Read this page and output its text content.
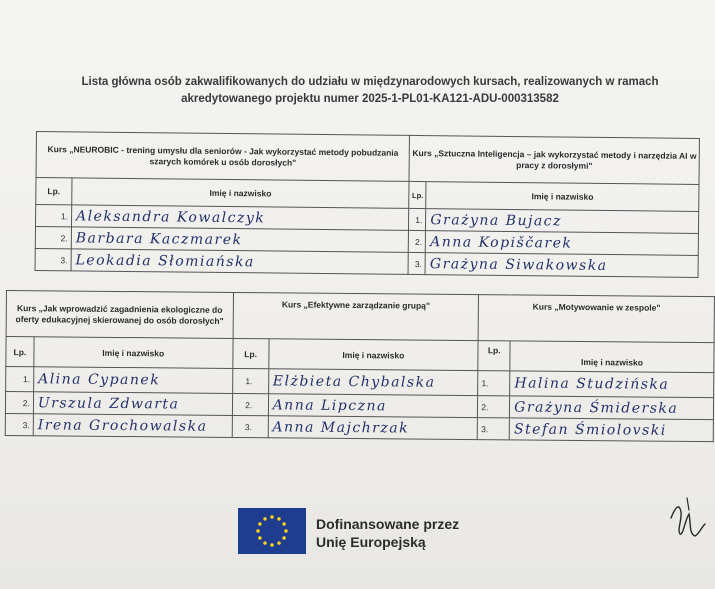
Lista główna osób zakwalifikowanych do udziału w międzynarodowych kursach, realizowanych w ramach
akredytowanego projektu numer 2025-1-PL01-KA121-ADU-000313582
Kurs „NEUROBIC - trening umysłu dla seniorów - Jak wykorzystać metody pobudzania szarych komórek u osób dorosłych"		Kurs „Sztuczna Inteligencja – jak wykorzystać metody i narzędzia AI w pracy z dorosłymi"	
Lp.	Imię i nazwisko	Lp.	Imię i nazwisko
1.	Aleksandra Kowalczyk	1.	Grażyna Bujacz
2.	Barbara Kaczmarek	2.	Anna Kopiščarek
3.	Leokadia Słomiańska	3.	Grażyna Siwakowska
Kurs „Jak wprowadzić zagadnienia ekologiczne do oferty edukacyjnej skierowanej do osób dorosłych"		Kurs „Efektywne zarządzanie grupą"		Kurs „Motywowanie w zespole"	
Lp.	Imię i nazwisko	Lp.	Imię i nazwisko	Lp.	Imię i nazwisko
1.	Alina Cypanek	1.	Elżbieta Chybalska	1.	Halina Studzińska
2.	Urszula Zdwarta	2.	Anna Lipczna	2.	Grażyna Śmiderska
3.	Irena Grochowalska	3.	Anna Majchrzak	3.	Stefan Śmiolovski
Dofinansowane przez
Unię Europejską
